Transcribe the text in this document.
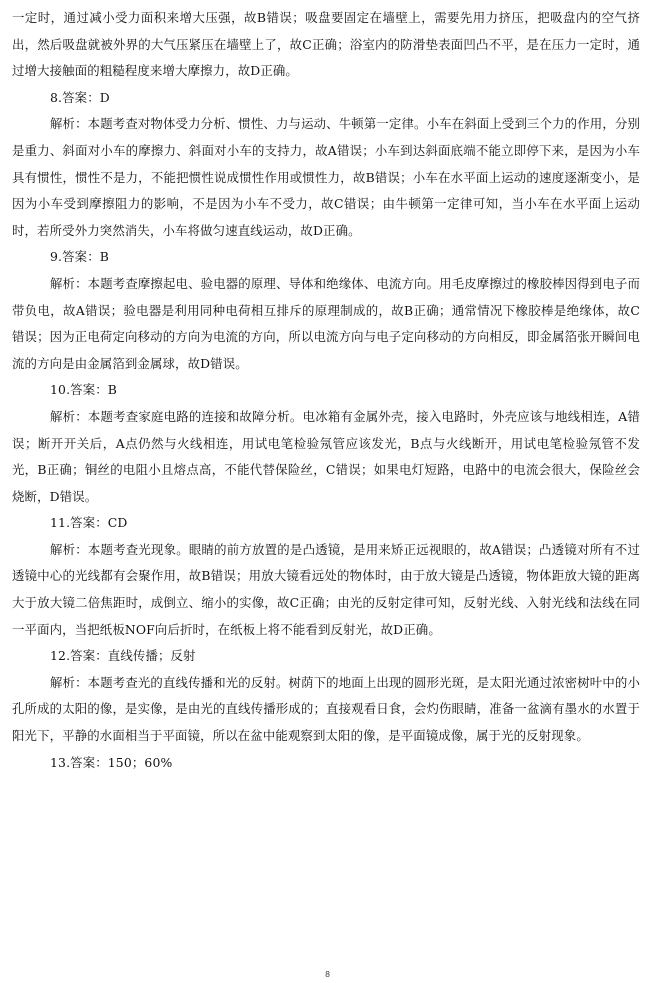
一定时，通过减小受力面积来增大压强，故B错误；吸盘要固定在墙壁上，需要先用力挤压，把吸盘内的空气挤出，然后吸盘就被外界的大气压紧压在墙壁上了，故C正确；浴室内的防滑垫表面凹凸不平，是在压力一定时，通过增大接触面的粗糙程度来增大摩擦力，故D正确。

8.答案：D

解析：本题考查对物体受力分析、惯性、力与运动、牛顿第一定律。小车在斜面上受到三个力的作用，分别是重力、斜面对小车的摩擦力、斜面对小车的支持力，故A错误；小车到达斜面底端不能立即停下来，是因为小车具有惯性，惯性不是力，不能把惯性说成惯性作用或惯性力，故B错误；小车在水平面上运动的速度逐渐变小，是因为小车受到摩擦阻力的影响，不是因为小车不受力，故C错误；由牛顿第一定律可知，当小车在水平面上运动时，若所受外力突然消失，小车将做匀速直线运动，故D正确。

9.答案：B

解析：本题考查摩擦起电、验电器的原理、导体和绝缘体、电流方向。用毛皮摩擦过的橡胶棒因得到电子而带负电，故A错误；验电器是利用同种电荷相互排斥的原理制成的，故B正确；通常情况下橡胶棒是绝缘体，故C错误；因为正电荷定向移动的方向为电流的方向，所以电流方向与电子定向移动的方向相反，即金属箔张开瞬间电流的方向是由金属箔到金属球，故D错误。

10.答案：B

解析：本题考查家庭电路的连接和故障分析。电冰箱有金属外壳，接入电路时，外壳应该与地线相连，A错误；断开开关后，A点仍然与火线相连，用试电笔检验氖管应该发光，B点与火线断开，用试电笔检验氖管不发光，B正确；铜丝的电阻小且熔点高，不能代替保险丝，C错误；如果电灯短路，电路中的电流会很大，保险丝会烧断，D错误。

11.答案：CD

解析：本题考查光现象。眼睛的前方放置的是凸透镜，是用来矫正远视眼的，故A错误；凸透镜对所有不过透镜中心的光线都有会聚作用，故B错误；用放大镜看远处的物体时，由于放大镜是凸透镜，物体距放大镜的距离大于放大镜二倍焦距时，成倒立、缩小的实像，故C正确；由光的反射定律可知，反射光线、入射光线和法线在同一平面内，当把纸板NOF向后折时，在纸板上将不能看到反射光，故D正确。

12.答案：直线传播；反射

解析：本题考查光的直线传播和光的反射。树荫下的地面上出现的圆形光斑，是太阳光通过浓密树叶中的小孔所成的太阳的像，是实像，是由光的直线传播形成的；直接观看日食，会灼伤眼睛，准备一盆滴有墨水的水置于阳光下，平静的水面相当于平面镜，所以在盆中能观察到太阳的像，是平面镜成像，属于光的反射现象。

13.答案：150；60%

8
